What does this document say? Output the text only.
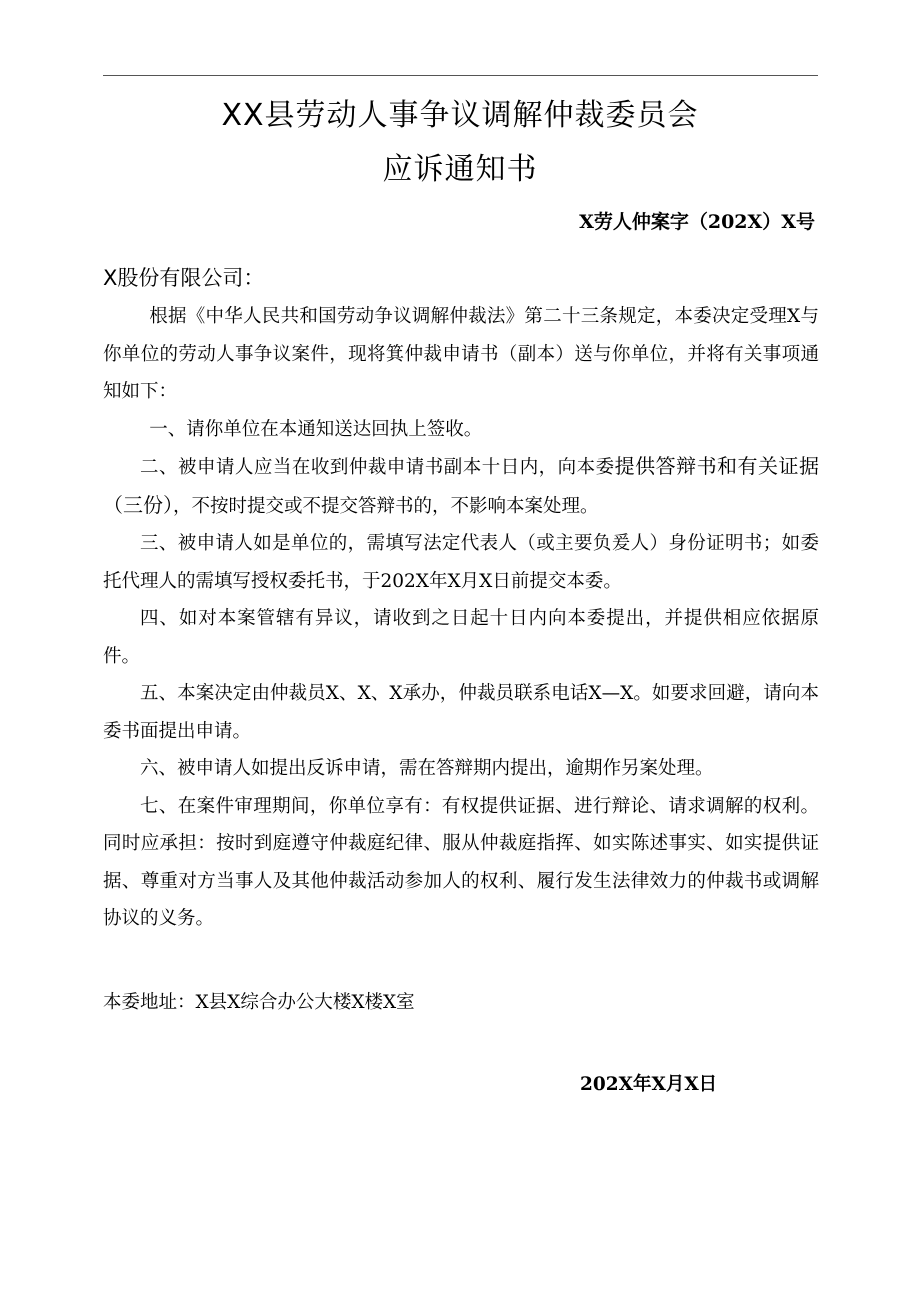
XX县劳动人事争议调解仲裁委员会
应诉通知书
X劳人仲案字（202X）X号
X股份有限公司：

根据《中华人民共和国劳动争议调解仲裁法》第二十三条规定，本委决定受理X与你单位的劳动人事争议案件，现将箕仲裁申请书（副本）送与你单位，并将有关事项通知如下：

一、请你单位在本通知送达回执上签收。

二、被申请人应当在收到仲裁申请书副本十日内，向本委提供答辩书和有关证据（三份），不按时提交或不提交答辩书的，不影响本案处理。

三、被申请人如是单位的，需填写法定代表人（或主要负爰人）身份证明书；如委托代理人的需填写授权委托书，于202X年X月X日前提交本委。

四、如对本案管辖有异议，请收到之日起十日内向本委提出，并提供相应依据原件。

五、本案决定由仲裁员X、X、X承办，仲裁员联系电话X—X。如要求回避，请向本委书面提出申请。

六、被申请人如提出反诉申请，需在答辩期内提出，逾期作另案处理。

七、在案件审理期间，你单位享有：有权提供证据、进行辩论、请求调解的权利。同时应承担：按时到庭遵守仲裁庭纪律、服从仲裁庭指挥、如实陈述事实、如实提供证据、尊重对方当事人及其他仲裁活动参加人的权利、履行发生法律效力的仲裁书或调解协议的义务。

本委地址：X县X综合办公大楼X楼X室
202X年X月X日
